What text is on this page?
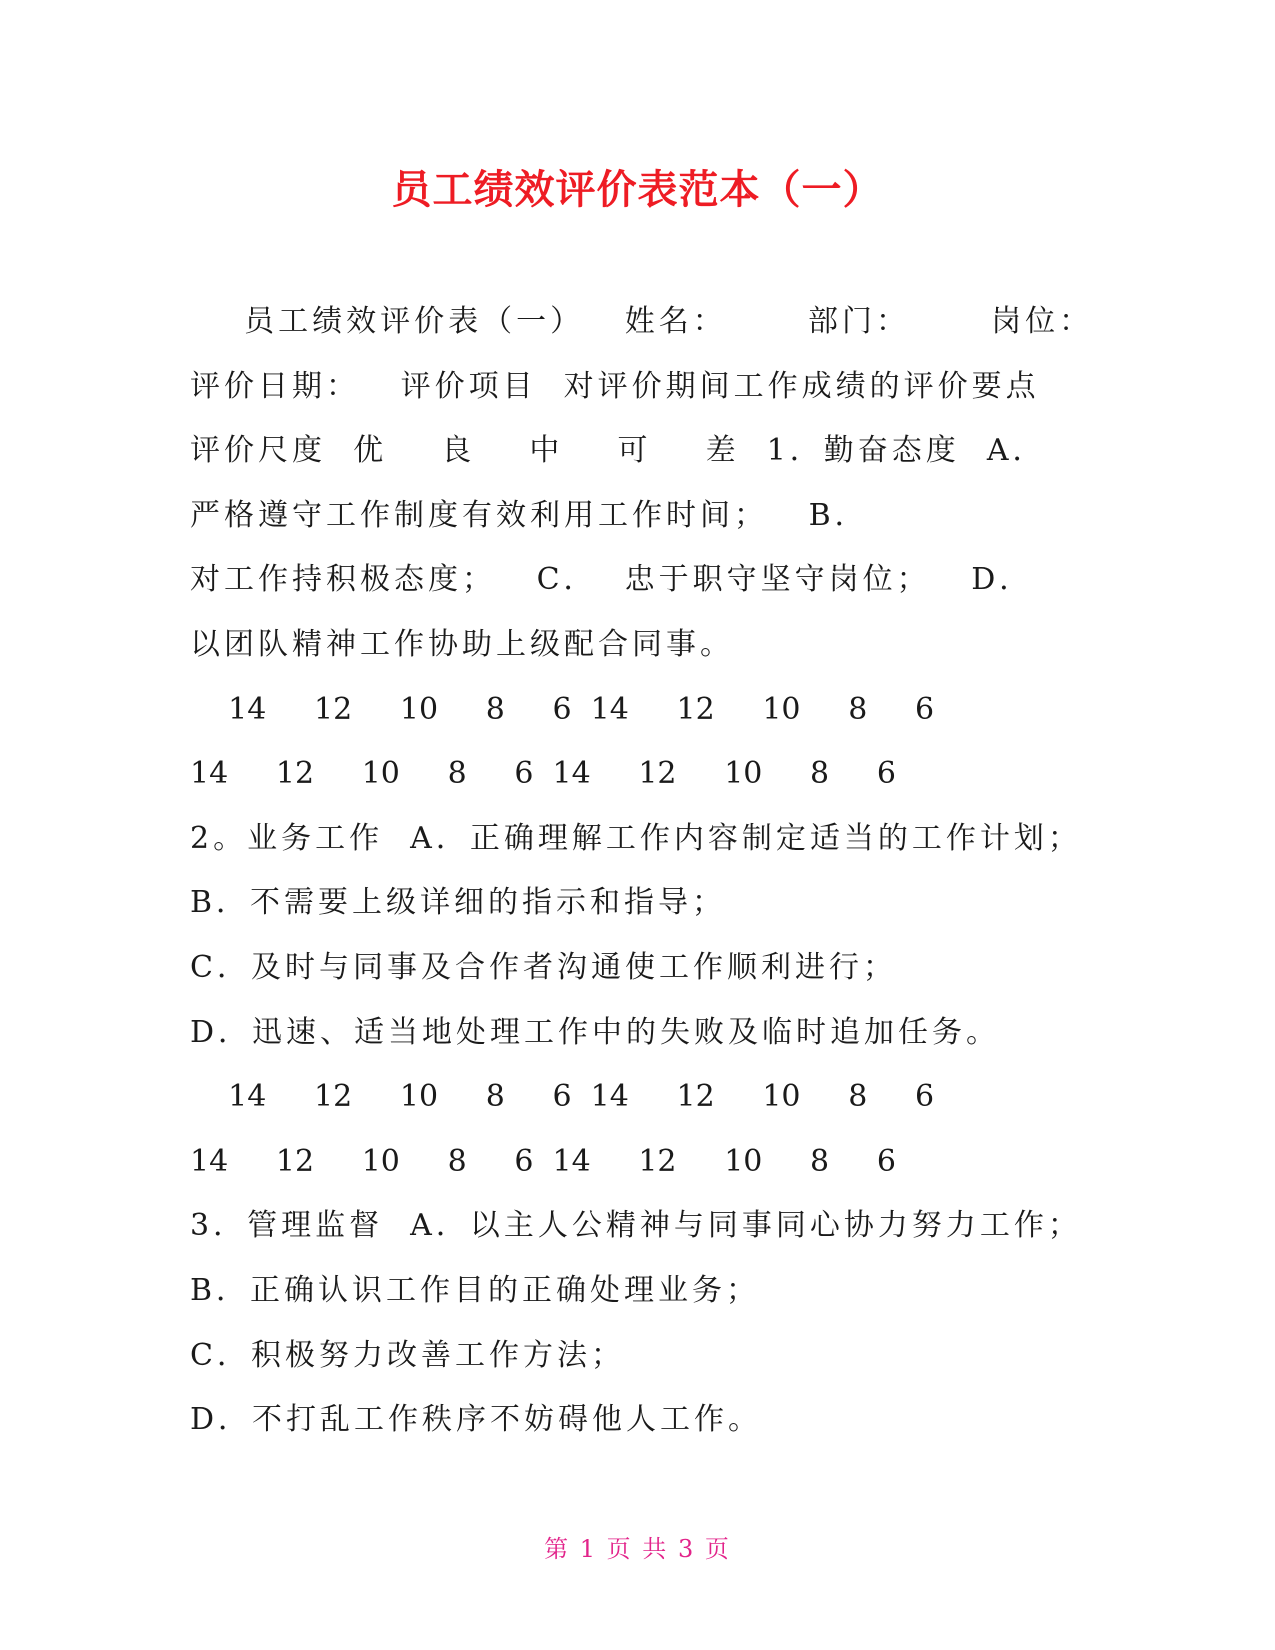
员工绩效评价表范本（一）
员工绩效评价表（一）   姓名：      部门：      岗位：
评价日期：   评价项目  对评价期间工作成绩的评价要点
评价尺度  优    良    中    可    差  1．勤奋态度  A．
严格遵守工作制度有效利用工作时间；   B．
对工作持积极态度；   C．  忠于职守坚守岗位；   D．
以团队精神工作协助上级配合同事。
14     12     10     8     6  14     12     10     8     6
14     12     10     8     6  14     12     10     8     6
2。业务工作  A．正确理解工作内容制定适当的工作计划；
B．不需要上级详细的指示和指导；
C．及时与同事及合作者沟通使工作顺利进行；
D．迅速、适当地处理工作中的失败及临时追加任务。
14     12     10     8     6  14     12     10     8     6
14     12     10     8     6  14     12     10     8     6
3．管理监督  A．以主人公精神与同事同心协力努力工作；
B．正确认识工作目的正确处理业务；
C．积极努力改善工作方法；
D．不打乱工作秩序不妨碍他人工作。
第 1 页 共 3 页
